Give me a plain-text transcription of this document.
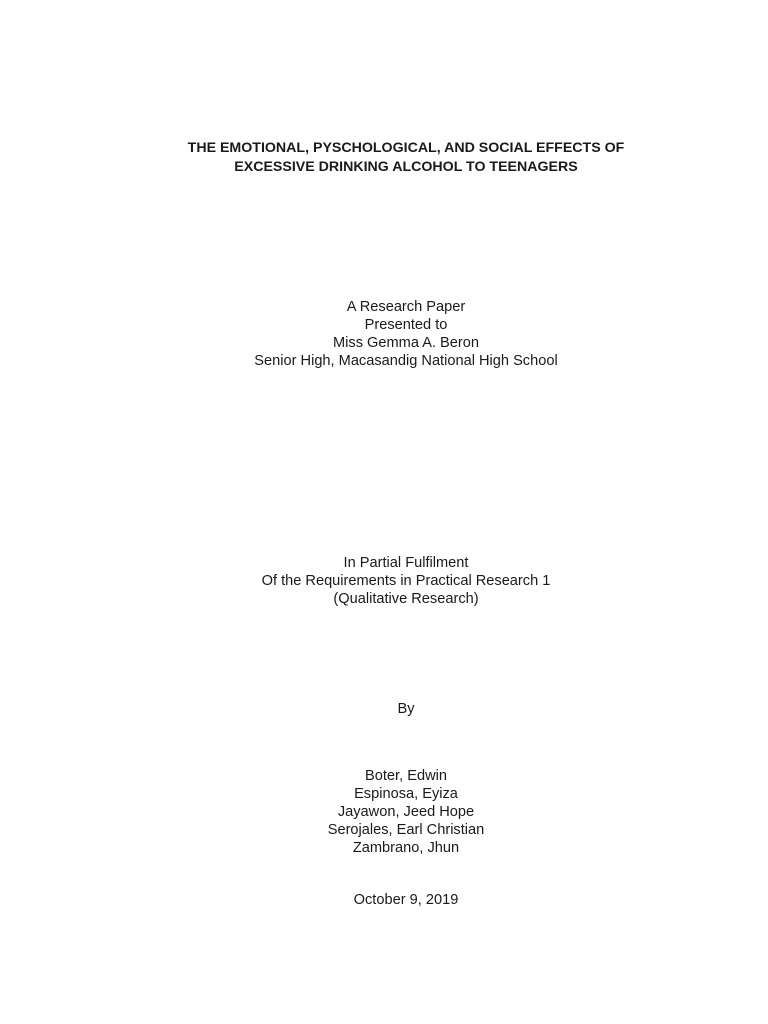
THE EMOTIONAL, PYSCHOLOGICAL, AND SOCIAL EFFECTS OF
EXCESSIVE DRINKING ALCOHOL TO TEENAGERS
A Research Paper
Presented to
Miss Gemma A. Beron
Senior High, Macasandig National High School
In Partial Fulfilment
Of the Requirements in Practical Research 1
(Qualitative Research)
By
Boter, Edwin
Espinosa, Eyiza
Jayawon, Jeed Hope
Serojales, Earl Christian
Zambrano, Jhun
October 9, 2019
